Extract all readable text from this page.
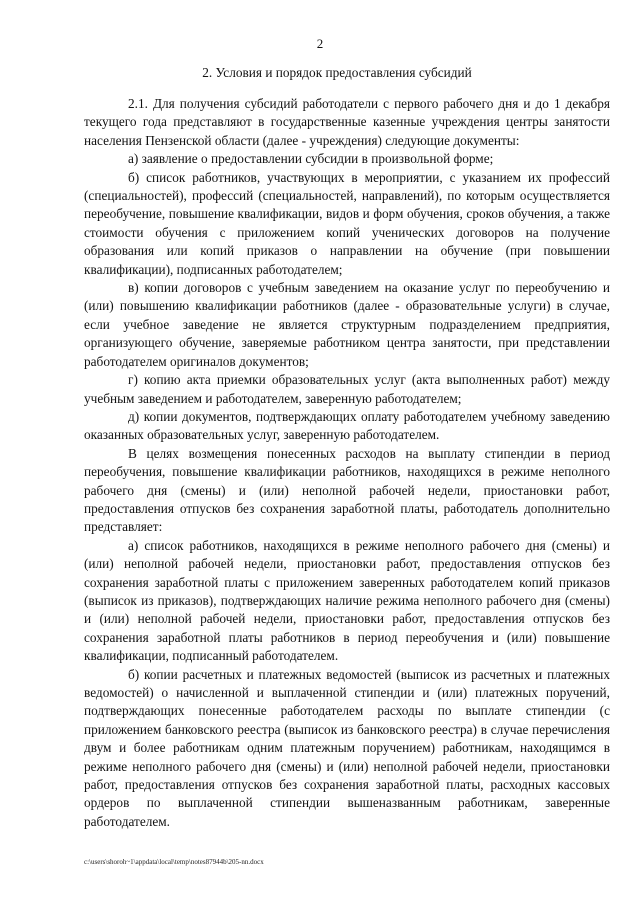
2
2. Условия и порядок предоставления субсидий

2.1. Для получения субсидий работодатели с первого рабочего дня и до 1 декабря текущего года представляют в государственные казенные учреждения центры занятости населения Пензенской области (далее - учреждения) следующие документы:

а) заявление о предоставлении субсидии в произвольной форме;

б) список работников, участвующих в мероприятии, с указанием их профессий (специальностей), профессий (специальностей, направлений), по которым осуществляется переобучение, повышение квалификации, видов и форм обучения, сроков обучения, а также стоимости обучения с приложением копий ученических договоров на получение образования или копий приказов о направлении на обучение (при повышении квалификации), подписанных работодателем;

в) копии договоров с учебным заведением на оказание услуг по переобучению и (или) повышению квалификации работников (далее - образовательные услуги) в случае, если учебное заведение не является структурным подразделением предприятия, организующего обучение, заверяемые работником центра занятости, при представлении работодателем оригиналов документов;

г) копию акта приемки образовательных услуг (акта выполненных работ) между учебным заведением и работодателем, заверенную работодателем;

д) копии документов, подтверждающих оплату работодателем учебному заведению оказанных образовательных услуг, заверенную работодателем.

В целях возмещения понесенных расходов на выплату стипендии в период переобучения, повышение квалификации работников, находящихся в режиме неполного рабочего дня (смены) и (или) неполной рабочей недели, приостановки работ, предоставления отпусков без сохранения заработной платы, работодатель дополнительно представляет:

а) список работников, находящихся в режиме неполного рабочего дня (смены) и (или) неполной рабочей недели, приостановки работ, предоставления отпусков без сохранения заработной платы с приложением заверенных работодателем копий приказов (выписок из приказов), подтверждающих наличие режима неполного рабочего дня (смены) и (или) неполной рабочей недели, приостановки работ, предоставления отпусков без сохранения заработной платы работников в период переобучения и (или) повышение квалификации, подписанный работодателем.

б) копии расчетных и платежных ведомостей (выписок из расчетных и платежных ведомостей) о начисленной и выплаченной стипендии и (или) платежных поручений, подтверждающих понесенные работодателем расходы по выплате стипендии (с приложением банковского реестра (выписок из банковского реестра) в случае перечисления двум и более работникам одним платежным поручением) работникам, находящимся в режиме неполного рабочего дня (смены) и (или) неполной рабочей недели, приостановки работ, предоставления отпусков без сохранения заработной платы, расходных кассовых ордеров по выплаченной стипендии вышеназванным работникам, заверенные работодателем.

c:\users\shoroh~1\appdata\local\temp\notes87944b\205-nn.docx
